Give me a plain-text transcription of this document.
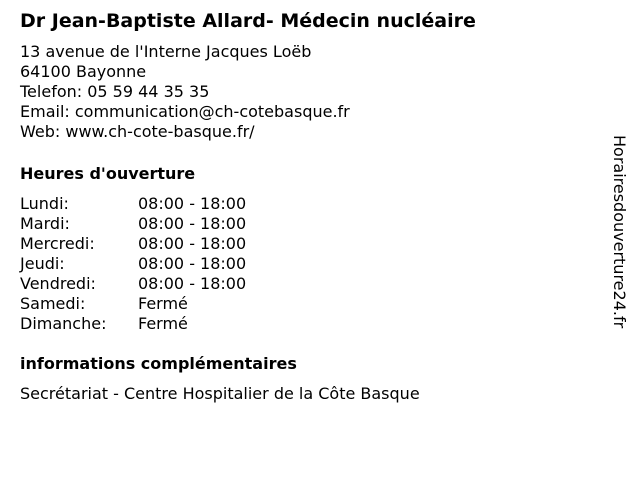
Dr Jean-Baptiste Allard- Médecin nucléaire
13 avenue de l'Interne Jacques Loëb
64100 Bayonne
Telefon: 05 59 44 35 35
Email: communication@ch-cotebasque.fr
Web: www.ch-cote-basque.fr/
Heures d'ouverture
Lundi:	08:00 - 18:00
Mardi:	08:00 - 18:00
Mercredi:	08:00 - 18:00
Jeudi:	08:00 - 18:00
Vendredi:	08:00 - 18:00
Samedi:	Fermé
Dimanche:	Fermé
informations complémentaires
Secrétariat - Centre Hospitalier de la Côte Basque
Horairesdouverture24.fr
